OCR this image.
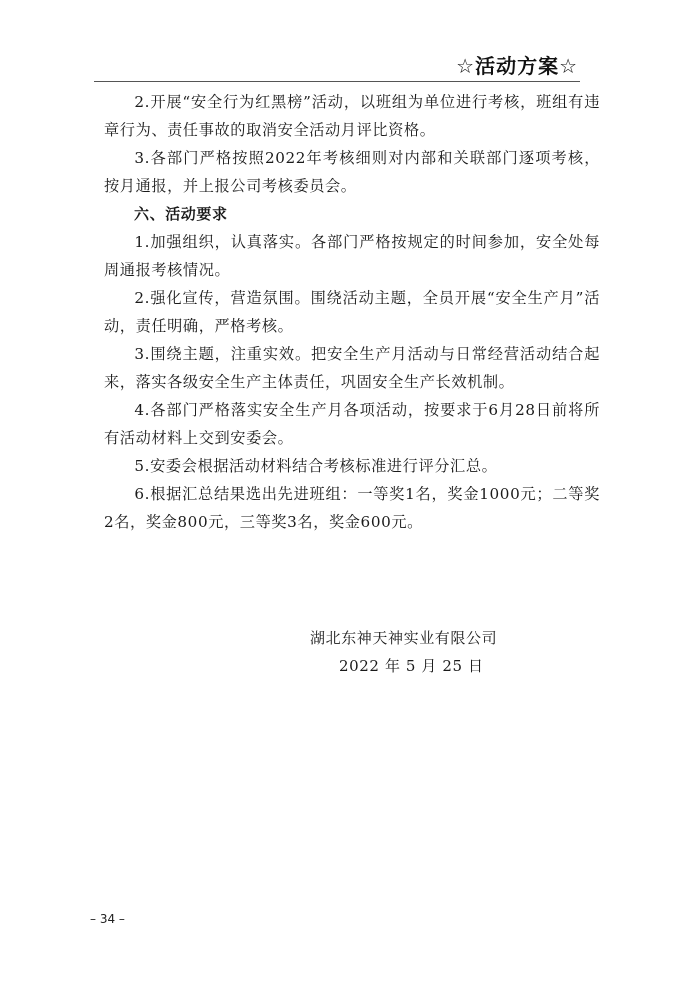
☆活动方案☆

2.开展“安全行为红黑榜”活动，以班组为单位进行考核，班组有违章行为、责任事故的取消安全活动月评比资格。

3.各部门严格按照2022年考核细则对内部和关联部门逐项考核，按月通报，并上报公司考核委员会。

六、活动要求

1.加强组织，认真落实。各部门严格按规定的时间参加，安全处每周通报考核情况。

2.强化宣传，营造氛围。围绕活动主题，全员开展“安全生产月”活动，责任明确，严格考核。

3.围绕主题，注重实效。把安全生产月活动与日常经营活动结合起来，落实各级安全生产主体责任，巩固安全生产长效机制。

4.各部门严格落实安全生产月各项活动，按要求于6月28日前将所有活动材料上交到安委会。

5.安委会根据活动材料结合考核标准进行评分汇总。

6.根据汇总结果选出先进班组：一等奖1名，奖金1000元；二等奖2名，奖金800元，三等奖3名，奖金600元。

湖北东神天神实业有限公司
2022 年 5 月 25 日
– 34 –
